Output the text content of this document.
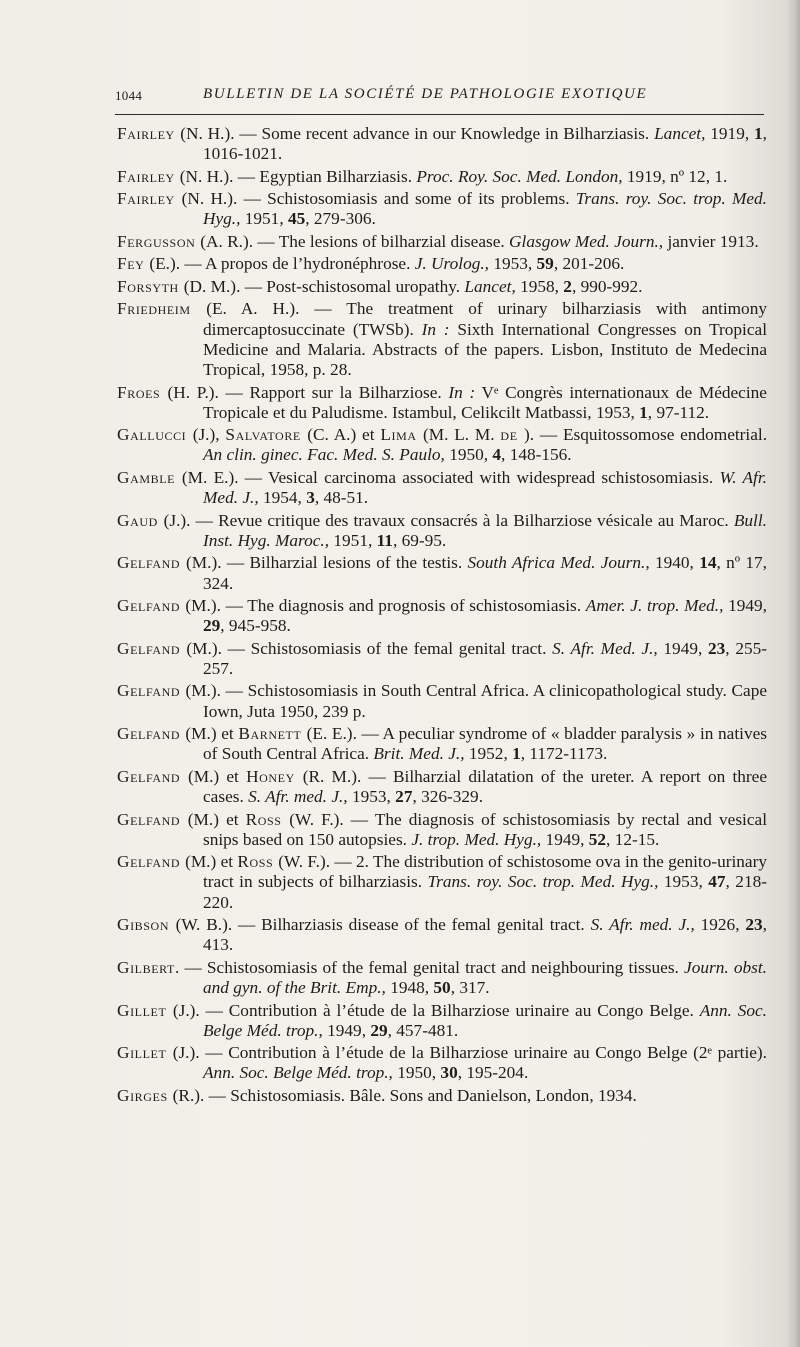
1044	BULLETIN DE LA SOCIÉTÉ DE PATHOLOGIE EXOTIQUE

Fairley (N. H.). — Some recent advance in our Knowledge in Bilharziasis. Lancet, 1919, 1, 1016-1021.

Fairley (N. H.). — Egyptian Bilharziasis. Proc. Roy. Soc. Med. London, 1919, nº 12, 1.

Fairley (N. H.). — Schistosomiasis and some of its problems. Trans. roy. Soc. trop. Med. Hyg., 1951, 45, 279-306.

Fergusson (A. R.). — The lesions of bilharzial disease. Glasgow Med. Journ., janvier 1913.

Fey (E.). — A propos de l’hydronéphrose. J. Urolog., 1953, 59, 201-206.

Forsyth (D. M.). — Post-schistosomal uropathy. Lancet, 1958, 2, 990-992.

Friedheim (E. A. H.). — The treatment of urinary bilharziasis with antimony dimercaptosuccinate (TWSb). In : Sixth International Congresses on Tropical Medicine and Malaria. Abstracts of the papers. Lisbon, Instituto de Medecina Tropical, 1958, p. 28.

Froes (H. P.). — Rapport sur la Bilharziose. In : Vᵉ Congrès internationaux de Médecine Tropicale et du Paludisme. Istambul, Celikcilt Matbassi, 1953, 1, 97-112.

Gallucci (J.), Salvatore (C. A.) et Lima (M. L. M. de ). — Esquitossomose endometrial. An clin. ginec. Fac. Med. S. Paulo, 1950, 4, 148-156.

Gamble (M. E.). — Vesical carcinoma associated with widespread schistosomiasis. W. Afr. Med. J., 1954, 3, 48-51.

Gaud (J.). — Revue critique des travaux consacrés à la Bilharziose vésicale au Maroc. Bull. Inst. Hyg. Maroc., 1951, 11, 69-95.

Gelfand (M.). — Bilharzial lesions of the testis. South Africa Med. Journ., 1940, 14, nº 17, 324.

Gelfand (M.). — The diagnosis and prognosis of schistosomiasis. Amer. J. trop. Med., 1949, 29, 945-958.

Gelfand (M.). — Schistosomiasis of the femal genital tract. S. Afr. Med. J., 1949, 23, 255-257.

Gelfand (M.). — Schistosomiasis in South Central Africa. A clinicopathological study. Cape Iown, Juta 1950, 239 p.

Gelfand (M.) et Barnett (E. E.). — A peculiar syndrome of « bladder paralysis » in natives of South Central Africa. Brit. Med. J., 1952, 1, 1172-1173.

Gelfand (M.) et Honey (R. M.). — Bilharzial dilatation of the ureter. A report on three cases. S. Afr. med. J., 1953, 27, 326-329.

Gelfand (M.) et Ross (W. F.). — The diagnosis of schistosomiasis by rectal and vesical snips based on 150 autopsies. J. trop. Med. Hyg., 1949, 52, 12-15.

Gelfand (M.) et Ross (W. F.). — 2. The distribution of schistosome ova in the genito-urinary tract in subjects of bilharziasis. Trans. roy. Soc. trop. Med. Hyg., 1953, 47, 218-220.

Gibson (W. B.). — Bilharziasis disease of the femal genital tract. S. Afr. med. J., 1926, 23, 413.

Gilbert. — Schistosomiasis of the femal genital tract and neighbouring tissues. Journ. obst. and gyn. of the Brit. Emp., 1948, 50, 317.

Gillet (J.). — Contribution à l’étude de la Bilharziose urinaire au Congo Belge. Ann. Soc. Belge Méd. trop., 1949, 29, 457-481.

Gillet (J.). — Contribution à l’étude de la Bilharziose urinaire au Congo Belge (2ᵉ partie). Ann. Soc. Belge Méd. trop., 1950, 30, 195-204.

Girges (R.). — Schistosomiasis. Bâle. Sons and Danielson, London, 1934.
